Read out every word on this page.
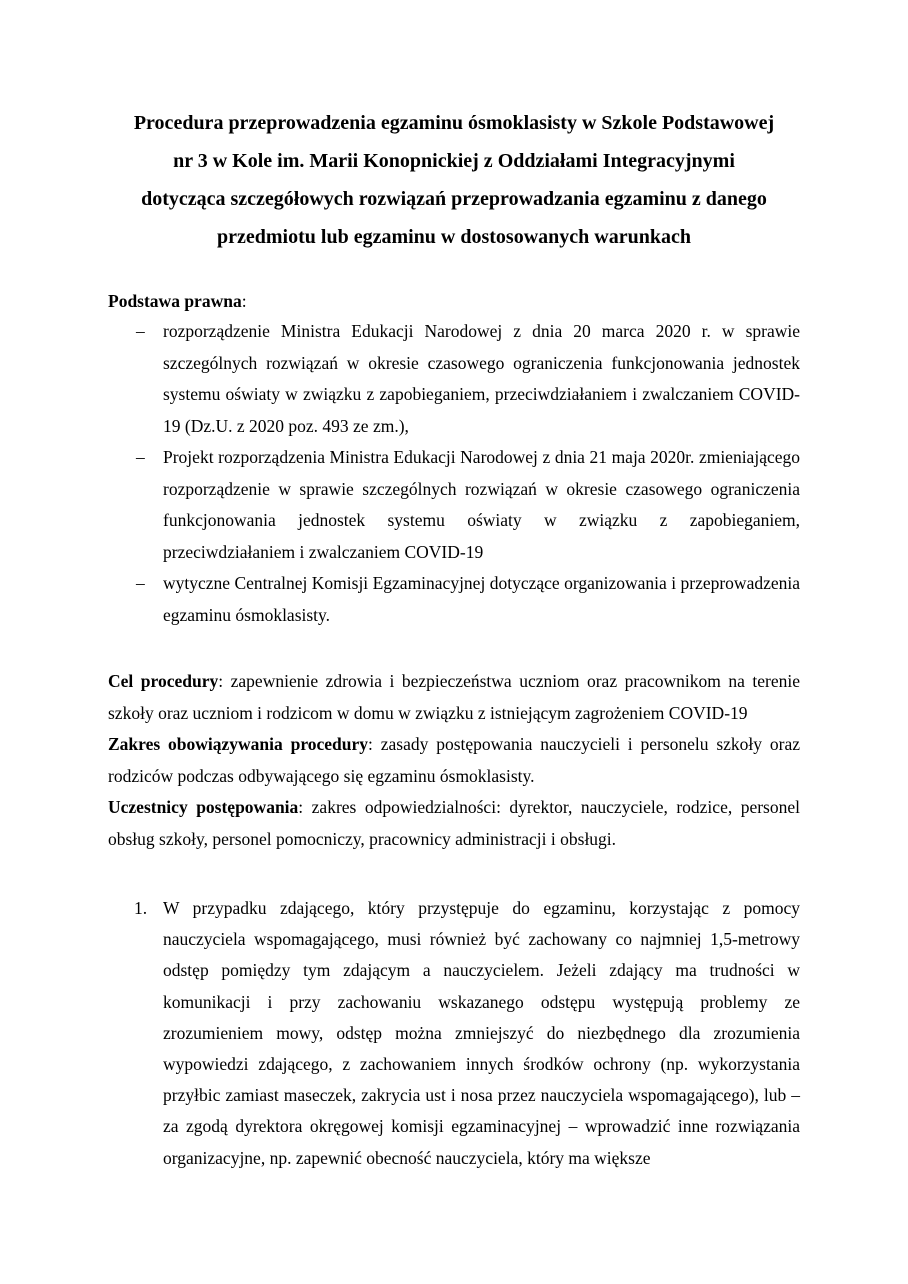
Procedura przeprowadzenia egzaminu ósmoklasisty w Szkole Podstawowej
nr 3 w Kole im. Marii Konopnickiej z Oddziałami Integracyjnymi
dotycząca szczegółowych rozwiązań przeprowadzania egzaminu z danego
przedmiotu lub egzaminu w dostosowanych warunkach
Podstawa prawna:
– rozporządzenie Ministra Edukacji Narodowej z dnia 20 marca 2020 r. w sprawie szczególnych rozwiązań w okresie czasowego ograniczenia funkcjonowania jednostek systemu oświaty w związku z zapobieganiem, przeciwdziałaniem i zwalczaniem COVID-19 (Dz.U. z 2020 poz. 493 ze zm.),
– Projekt rozporządzenia Ministra Edukacji Narodowej z dnia 21 maja 2020r. zmieniającego rozporządzenie w sprawie szczególnych rozwiązań w okresie czasowego ograniczenia funkcjonowania jednostek systemu oświaty w związku z zapobieganiem, przeciwdziałaniem i zwalczaniem COVID-19
– wytyczne Centralnej Komisji Egzaminacyjnej dotyczące organizowania i przeprowadzenia egzaminu ósmoklasisty.

Cel procedury: zapewnienie zdrowia i bezpieczeństwa uczniom oraz pracownikom na terenie szkoły oraz uczniom i rodzicom w domu w związku z istniejącym zagrożeniem COVID-19

Zakres obowiązywania procedury: zasady postępowania nauczycieli i personelu szkoły oraz rodziców podczas odbywającego się egzaminu ósmoklasisty.

Uczestnicy postępowania: zakres odpowiedzialności: dyrektor, nauczyciele, rodzice, personel obsług szkoły, personel pomocniczy, pracownicy administracji i obsługi.

1. W przypadku zdającego, który przystępuje do egzaminu, korzystając z pomocy nauczyciela wspomagającego, musi również być zachowany co najmniej 1,5-metrowy odstęp pomiędzy tym zdającym a nauczycielem. Jeżeli zdający ma trudności w komunikacji i przy zachowaniu wskazanego odstępu występują problemy ze zrozumieniem mowy, odstęp można zmniejszyć do niezbędnego dla zrozumienia wypowiedzi zdającego, z zachowaniem innych środków ochrony (np. wykorzystania przyłbic zamiast maseczek, zakrycia ust i nosa przez nauczyciela wspomagającego), lub – za zgodą dyrektora okręgowej komisji egzaminacyjnej – wprowadzić inne rozwiązania organizacyjne, np. zapewnić obecność nauczyciela, który ma większe
